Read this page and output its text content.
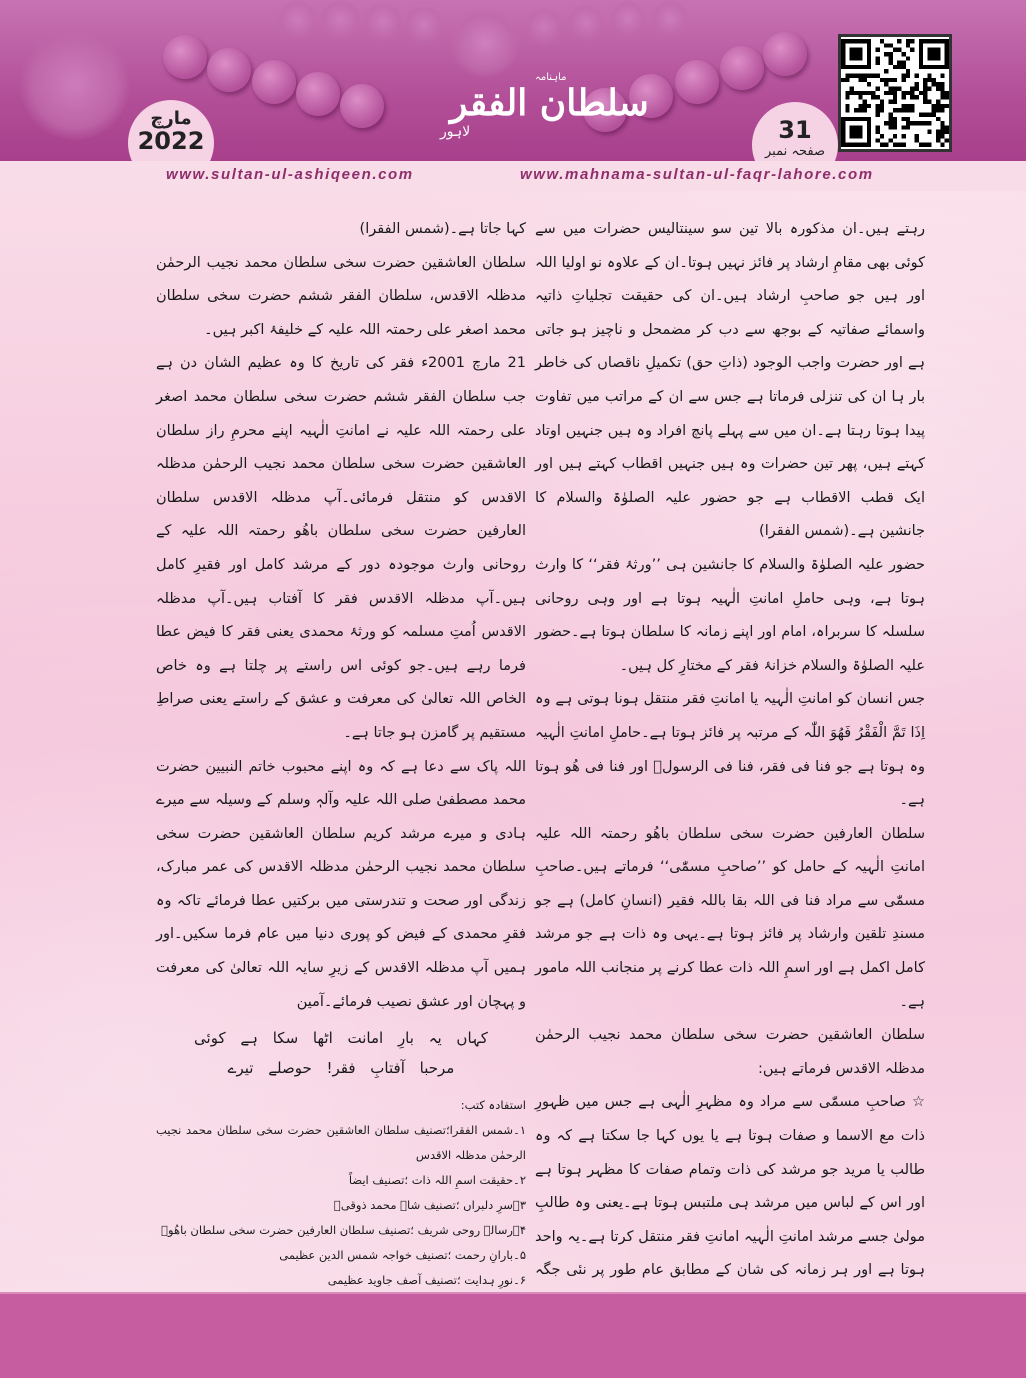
ماہنامہ
سلطان الفقر
لاہور
مارچ
2022	31
صفحہ نمبر
www.sultan-ul-ashiqeen.com	www.mahnama-sultan-ul-faqr-lahore.com

رہتے ہیں۔ان مذکورہ بالا تین سو سینتالیس حضرات میں سے کوئی بھی مقامِ ارشاد پر فائز نہیں ہوتا۔ان کے علاوہ نو اولیا اللہ اور ہیں جو صاحبِ ارشاد ہیں۔ان کی حقیقت تجلیاتِ ذاتیہ واسمائے صفاتیہ کے بوجھ سے دب کر مضمحل و ناچیز ہو جاتی ہے اور حضرت واجب الوجود (ذاتِ حق) تکمیلِ ناقصاں کی خاطر بار ہا ان کی تنزلی فرماتا ہے جس سے ان کے مراتب میں تفاوت پیدا ہوتا رہتا ہے۔ان میں سے پہلے پانچ افراد وہ ہیں جنہیں اوتاد کہتے ہیں، پھر تین حضرات وہ ہیں جنہیں اقطاب کہتے ہیں اور ایک قطب الاقطاب ہے جو حضور علیہ الصلوٰۃ والسلام کا جانشین ہے۔(شمس الفقرا)

حضور علیہ الصلوٰۃ والسلام کا جانشین ہی ’’ورثۂ فقر‘‘ کا وارث ہوتا ہے، وہی حاملِ امانتِ الٰہیہ ہوتا ہے اور وہی روحانی سلسلہ کا سربراہ، امام اور اپنے زمانہ کا سلطان ہوتا ہے۔حضور علیہ الصلوٰۃ والسلام خزانۂ فقر کے مختارِ کل ہیں۔

جس انسان کو امانتِ الٰہیہ یا امانتِ فقر منتقل ہونا ہوتی ہے وہ اِذَا تَمَّ الْفَقْرُ فَھُوَ اللّٰہ کے مرتبہ پر فائز ہوتا ہے۔حاملِ امانتِ الٰہیہ وہ ہوتا ہے جو فنا فی فقر، فنا فی الرسولؐ اور فنا فی ھُو ہوتا ہے۔

سلطان العارفین حضرت سخی سلطان باھُو رحمتہ اللہ علیہ امانتِ الٰہیہ کے حامل کو ’’صاحبِ مسمّٰی‘‘ فرماتے ہیں۔صاحبِ مسمّٰی سے مراد فنا فی اللہ بقا باللہ فقیر (انسانِ کامل) ہے جو مسندِ تلقین وارشاد پر فائز ہوتا ہے۔یہی وہ ذات ہے جو مرشد کامل اکمل ہے اور اسمِ اللہ ذات عطا کرنے پر منجانب اللہ مامور ہے۔

سلطان العاشقین حضرت سخی سلطان محمد نجیب الرحمٰن مدظلہ الاقدس فرماتے ہیں:

☆ صاحبِ مسمّٰی سے مراد وہ مظہرِ الٰہی ہے جس میں ظہورِ ذات مع الاسما و صفات ہوتا ہے یا یوں کہا جا سکتا ہے کہ وہ طالب یا مرید جو مرشد کی ذات وتمام صفات کا مظہر ہوتا ہے اور اس کے لباس میں مرشد ہی ملتبس ہوتا ہے۔یعنی وہ طالبِ مولیٰ جسے مرشد امانتِ الٰہیہ امانتِ فقر منتقل کرتا ہے۔یہ واحد ہوتا ہے اور ہر زمانہ کی شان کے مطابق عام طور پر نئی جگہ

کہا جاتا ہے۔(شمس الفقرا)

سلطان العاشقین حضرت سخی سلطان محمد نجیب الرحمٰن مدظلہ الاقدس، سلطان الفقر ششم حضرت سخی سلطان محمد اصغر علی رحمتہ اللہ علیہ کے خلیفۂ اکبر ہیں۔

21 مارچ 2001ء فقر کی تاریخ کا وہ عظیم الشان دن ہے جب سلطان الفقر ششم حضرت سخی سلطان محمد اصغر علی رحمتہ اللہ علیہ نے امانتِ الٰہیہ اپنے محرمِ راز سلطان العاشقین حضرت سخی سلطان محمد نجیب الرحمٰن مدظلہ الاقدس کو منتقل فرمائی۔آپ مدظلہ الاقدس سلطان العارفین حضرت سخی سلطان باھُو رحمتہ اللہ علیہ کے روحانی وارث موجودہ دور کے مرشد کامل اور فقیرِ کامل ہیں۔آپ مدظلہ الاقدس فقر کا آفتاب ہیں۔آپ مدظلہ الاقدس اُمتِ مسلمہ کو ورثۂ محمدی یعنی فقر کا فیض عطا فرما رہے ہیں۔جو کوئی اس راستے پر چلتا ہے وہ خاص الخاص اللہ تعالیٰ کی معرفت و عشق کے راستے یعنی صراطِ مستقیم پر گامزن ہو جاتا ہے۔

اللہ پاک سے دعا ہے کہ وہ اپنے محبوب خاتم النبیین حضرت محمد مصطفیٰ صلی اللہ علیہ وآلہٖ وسلم کے وسیلہ سے میرے ہادی و میرے مرشد کریم سلطان العاشقین حضرت سخی سلطان محمد نجیب الرحمٰن مدظلہ الاقدس کی عمر مبارک، زندگی اور صحت و تندرستی میں برکتیں عطا فرمائے تاکہ وہ فقرِ محمدی کے فیض کو پوری دنیا میں عام فرما سکیں۔اور ہمیں آپ مدظلہ الاقدس کے زیرِ سایہ اللہ تعالیٰ کی معرفت و پہچان اور عشق نصیب فرمائے۔آمین

کہاں یہ بارِ امانت اٹھا سکا ہے کوئی
مرحبا آفتابِ فقر! حوصلے تیرے
استفادہ کتب:
۱۔شمس الفقرا؛تصنیف سلطان العاشقین حضرت سخی سلطان محمد نجیب الرحمٰن مدظلہ الاقدس
۲۔حقیقت اسمِ اللہ ذات ؛تصنیف ایضاً
۳۔سرِ دلبراں ؛تصنیف شاہ محمد ذوقیؒ
۴۔رسالہ روحی شریف ؛تصنیف سلطان العارفین حضرت سخی سلطان باھُوؒ
۵۔بارانِ رحمت ؛تصنیف خواجہ شمس الدین عظیمی
۶۔نورِ ہدایت ؛تصنیف آصف جاوید عظیمی
